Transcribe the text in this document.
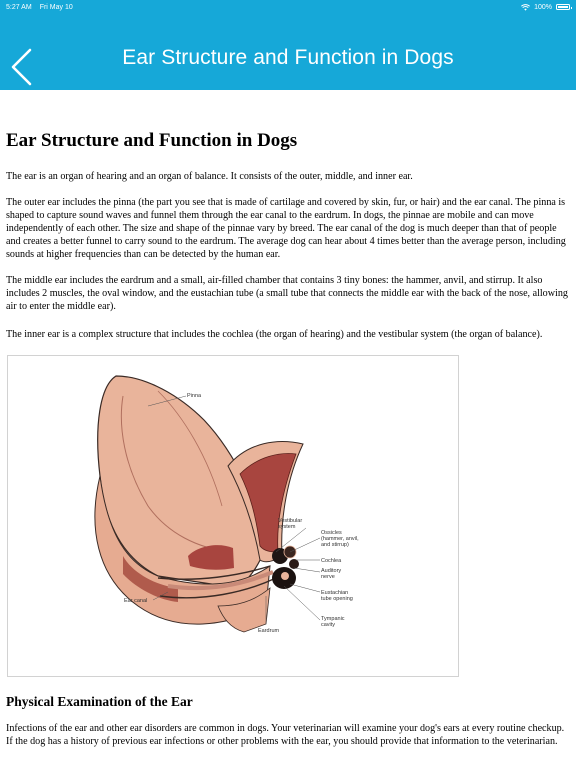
5:27 AM Fri May 10	100%
Ear Structure and Function in Dogs
Ear Structure and Function in Dogs

The ear is an organ of hearing and an organ of balance. It consists of the outer, middle, and inner ear.

The outer ear includes the pinna (the part you see that is made of cartilage and covered by skin, fur, or hair) and the ear canal. The pinna is shaped to capture sound waves and funnel them through the ear canal to the eardrum. In dogs, the pinnae are mobile and can move independently of each other. The size and shape of the pinnae vary by breed. The ear canal of the dog is much deeper than that of people and creates a better funnel to carry sound to the eardrum. The average dog can hear about 4 times better than the average person, including sounds at higher frequencies than can be detected by the human ear.

The middle ear includes the eardrum and a small, air-filled chamber that contains 3 tiny bones: the hammer, anvil, and stirrup. It also includes 2 muscles, the oval window, and the eustachian tube (a small tube that connects the middle ear with the back of the nose, allowing air to enter the middle ear).

The inner ear is a complex structure that includes the cochlea (the organ of hearing) and the vestibular system (the organ of balance).

Pinna
Vestibular
system
Ossicles
(hammer, anvil,
and stirrup)
Cochlea
Auditory
nerve
Eustachian
tube opening
Tympanic
cavity
Ear canal
Eardrum
Physical Examination of the Ear

Infections of the ear and other ear disorders are common in dogs. Your veterinarian will examine your dog's ears at every routine checkup. If the dog has a history of previous ear infections or other problems with the ear, you should provide that information to the veterinarian.
